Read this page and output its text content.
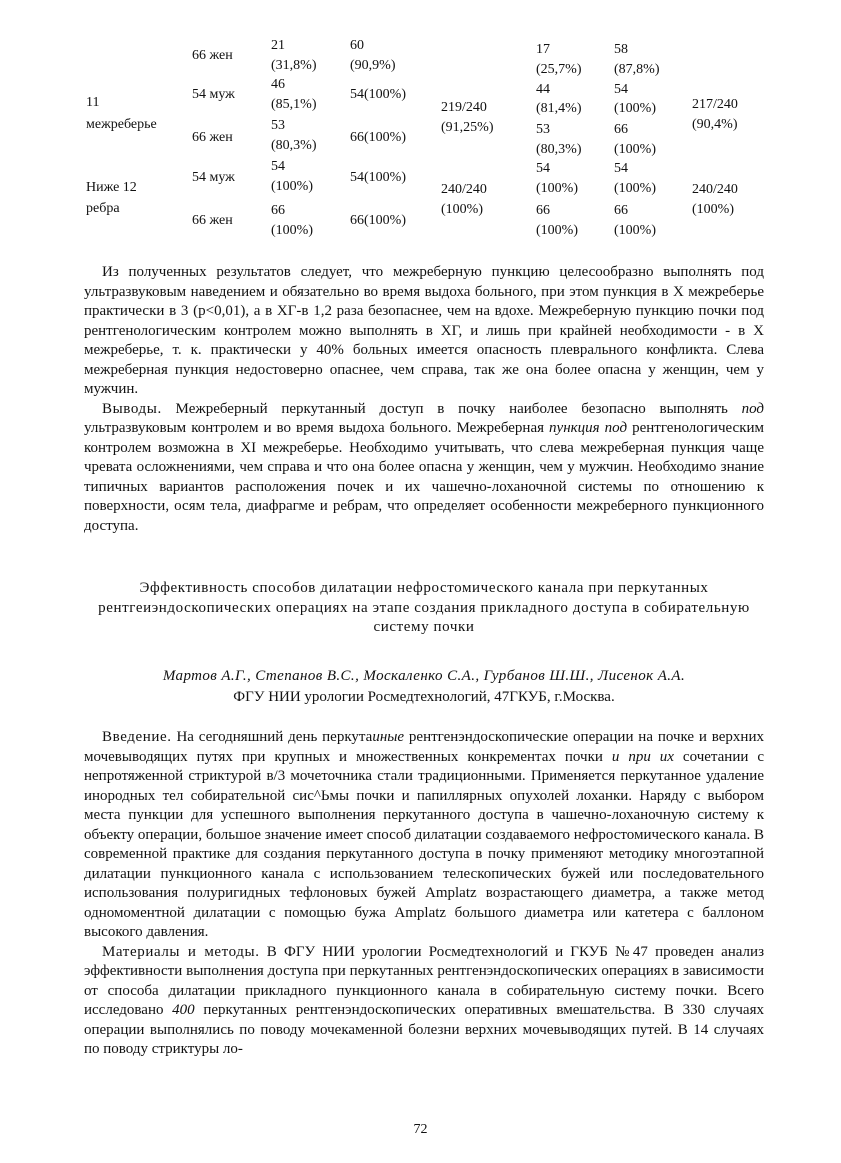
66 жен
21
(31,8%)
60
(90,9%)
17
(25,7%)
58
(87,8%)
11
межреберье
54 муж
46
(85,1%)
54(100%)	44
(81,4%)
54
(100%)
219/240
(91,25%)
217/240
(90,4%)
66 жен
53
(80,3%)
66(100%)
53
(80,3%)
66
(100%)
Ниже 12
ребра
54 муж
54
(100%)
54(100%)
54
(100%)
54
(100%)
240/240
(100%)
240/240
(100%)
66 жен
66
(100%)
66(100%)
66
(100%)
66
(100%)

Из полученных результатов следует, что межреберную пункцию целесообразно выполнять под ультразвуковым наведением и обязательно во время выдоха больного, при этом пункция в X межреберье практически в 3 (p<0,01), а в ХГ-в 1,2 раза безопаснее, чем на вдохе. Межреберную пункцию почки под рентгенологическим контролем можно выполнять в ХГ, и лишь при крайней необходимости - в X межреберье, т. к. практически у 40% больных имеется опасность плеврального конфликта. Слева межреберная пункция недостоверно опаснее, чем справа, так же она более опасна у женщин, чем у мужчин.

Выводы. Межреберный перкутанный доступ в почку наиболее безопасно выполнять под ультразвуковым контролем и во время выдоха больного. Межреберная пункция под рентгенологическим контролем возможна в XI межреберье. Необходимо учитывать, что слева межреберная пункция чаще чревата осложнениями, чем справа и что она более опасна у женщин, чем у мужчин. Необходимо знание типичных вариантов расположения почек и их чашечно-лоханочной системы по отношению к поверхности, осям тела, диафрагме и ребрам, что определяет особенности межреберного пункционного доступа.

Эффективность способов дилатации нефростомического канала при перкутанных рентгеиэндоскопических операциях на этапе создания прикладного доступа в собирательную систему почки
Мартов А.Г., Степанов В.С., Москаленко С.А., Гурбанов Ш.Ш., Лисенок А.А.
ФГУ НИИ урологии Росмедтехнологий, 47ГКУБ, г.Москва.

Введение. На сегодняшний день перкутаиные рентгенэндоскопические операции на почке и верхних мочевыводящих путях при крупных и множественных конкрементах почки и при их сочетании с непротяженной стриктурой в/3 мочеточника стали традиционными. Применяется перкутанное удаление инородных тел собирательной сис^Ьмы почки и папиллярных опухолей лоханки. Наряду с выбором места пункции для успешного выполнения перкутанного доступа в чашечно-лоханочную систему к объекту операции, большое значение имеет способ дилатации создаваемого нефростомического канала. В современной практике для создания перкутанного доступа в почку применяют методику многоэтапной дилатации пункционного канала с использованием телескопических бужей или последовательного использования полуригидных тефлоновых бужей Amplatz возрастающего диаметра, а также метод одномоментной дилатации с помощью бужа Amplatz большого диаметра или катетера с баллоном высокого давления.

Материалы и методы. В ФГУ НИИ урологии Росмедтехнологий и ГКУБ №47 проведен анализ эффективности выполнения доступа при перкутанных рентгенэндоскопических операциях в зависимости от способа дилатации прикладного пункционного канала в собирательную систему почки. Всего исследовано 400 перкутанных рентгенэндоскопических оперативных вмешательства. В 330 случаях операции выполнялись по поводу мочекаменной болезни верхних мочевыводящих путей. В 14 случаях по поводу стриктуры ло-

72
